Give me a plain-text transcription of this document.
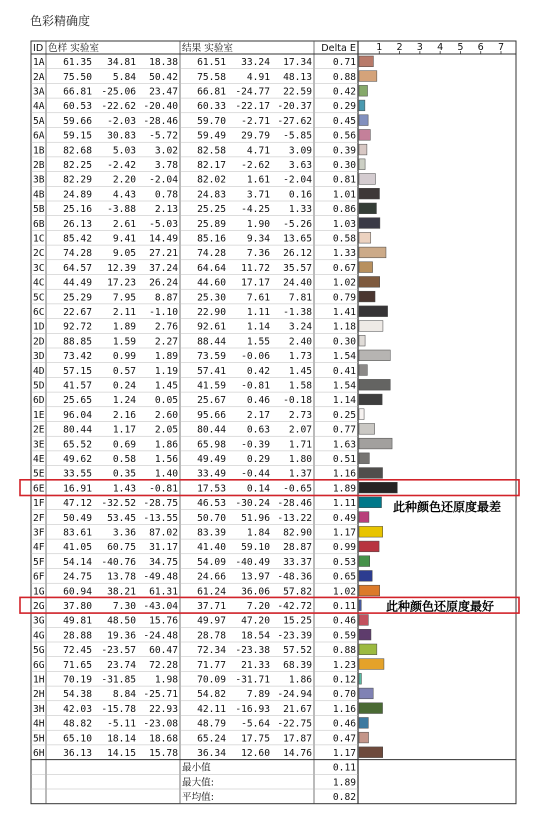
色彩精确度
1 2 3 4 5 6 7
ID 色样 实验室	结果 实验室	Delta E
1A 61.35 34.81 18.38 61.51 33.24 17.34 0.71
2A 75.50 5.84 50.42 75.58 4.91 48.13 0.88
3A 66.81 -25.06 23.47 66.81 -24.77 22.59 0.42
4A 60.53 -22.62 -20.40 60.33 -22.17 -20.37 0.29
5A 59.66 -2.03 -28.46 59.70 -2.71 -27.62 0.45
6A 59.15 30.83 -5.72 59.49 29.79 -5.85 0.56
1B 82.68 5.03 3.02 82.58 4.71 3.09 0.39
2B 82.25 -2.42 3.78 82.17 -2.62 3.63 0.30
3B 82.29 2.20 -2.04 82.02 1.61 -2.04 0.81
4B 24.89 4.43 0.78 24.83 3.71 0.16 1.01
5B 25.16 -3.88 2.13 25.25 -4.25 1.33 0.86
6B 26.13 2.61 -5.03 25.89 1.90 -5.26 1.03
1C 85.42 9.41 14.49 85.16 9.34 13.65 0.58
2C 74.28 9.05 27.21 74.28 7.36 26.12 1.33
3C 64.57 12.39 37.24 64.64 11.72 35.57 0.67
4C 44.49 17.23 26.24 44.60 17.17 24.40 1.02
5C 25.29 7.95 8.87 25.30 7.61 7.81 0.79
6C 22.67 2.11 -1.10 22.90 1.11 -1.38 1.41
1D 92.72 1.89 2.76 92.61 1.14 3.24 1.18
2D 88.85 1.59 2.27 88.44 1.55 2.40 0.30
3D 73.42 0.99 1.89 73.59 -0.06 1.73 1.54
4D 57.15 0.57 1.19 57.41 0.42 1.45 0.41
5D 41.57 0.24 1.45 41.59 -0.81 1.58 1.54
6D 25.65 1.24 0.05 25.67 0.46 -0.18 1.14
1E 96.04 2.16 2.60 95.66 2.17 2.73 0.25
2E 80.44 1.17 2.05 80.44 0.63 2.07 0.77
3E 65.52 0.69 1.86 65.98 -0.39 1.71 1.63
4E 49.62 0.58 1.56 49.49 0.29 1.80 0.51
5E 33.55 0.35 1.40 33.49 -0.44 1.37 1.16
6E 16.91 1.43 -0.81 17.53 0.14 -0.65 1.89
1F 47.12 -32.52 -28.75 46.53 -30.24 -28.46 1.11
2F 50.49 53.45 -13.55 50.70 51.96 -13.22 0.49
3F 83.61 3.36 87.02 83.39 1.84 82.90 1.17
4F 41.05 60.75 31.17 41.40 59.10 28.87 0.99
5F 54.14 -40.76 34.75 54.09 -40.49 33.37 0.53
6F 24.75 13.78 -49.48 24.66 13.97 -48.36 0.65
1G 60.94 38.21 61.31 61.24 36.06 57.82 1.02
2G 37.80 7.30 -43.04 37.71 7.20 -42.72 0.11
3G 49.81 48.50 15.76 49.97 47.20 15.25 0.46
4G 28.88 19.36 -24.48 28.78 18.54 -23.39 0.59
5G 72.45 -23.57 60.47 72.34 -23.38 57.52 0.88
6G 71.65 23.74 72.28 71.77 21.33 68.39 1.23
1H 70.19 -31.85 1.98 70.09 -31.71 1.86 0.12
2H 54.38 8.84 -25.71 54.82 7.89 -24.94 0.70
3H 42.03 -15.78 22.93 42.11 -16.93 21.67 1.16
4H 48.82 -5.11 -23.08 48.79 -5.64 -22.75 0.46
5H 65.10 18.14 18.68 65.24 17.75 17.87 0.47
6H 36.13 14.15 15.78 36.34 12.60 14.76 1.17
最小值	0.11
最大值:	1.89
平均值:	0.82
此种颜色还原度最差
此种颜色还原度最好
